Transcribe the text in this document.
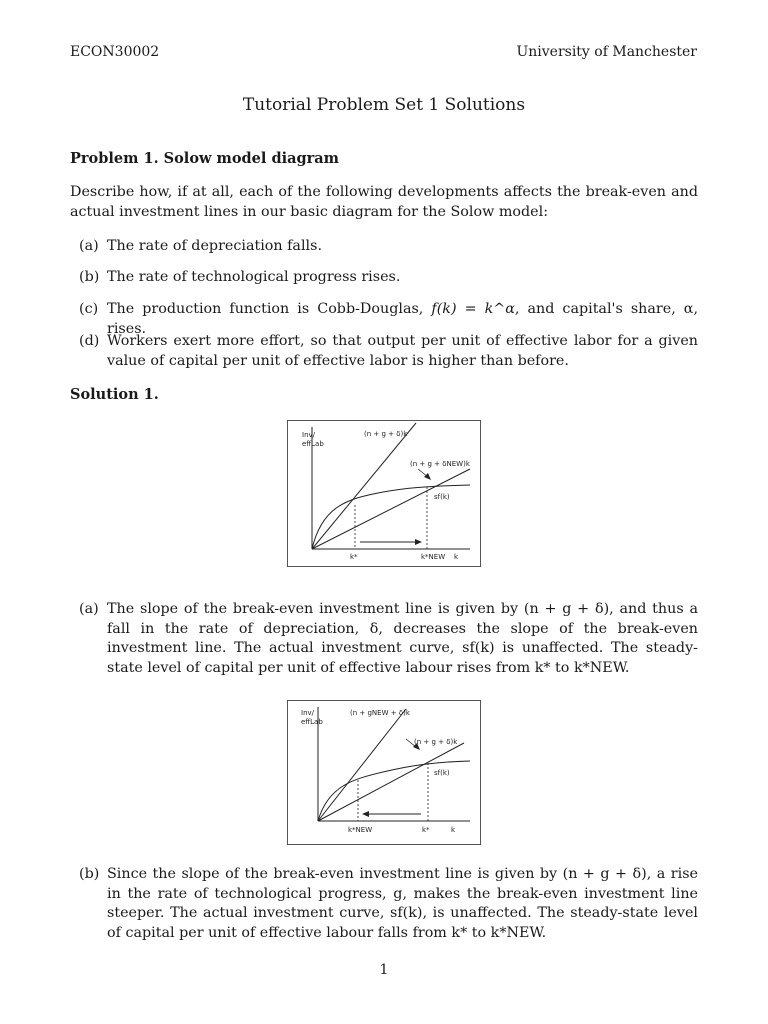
ECON30002	University of Manchester
Tutorial Problem Set 1 Solutions
Problem 1. Solow model diagram
Describe how, if at all, each of the following developments affects the break-even and actual investment lines in our basic diagram for the Solow model:
(a) The rate of depreciation falls.
(b) The rate of technological progress rises.
(c) The production function is Cobb-Douglas, f(k) = k^α, and capital's share, α, rises.
(d) Workers exert more effort, so that output per unit of effective labor for a given value of capital per unit of effective labor is higher than before.
Solution 1.
Inv/
effLab
(n + g + δ)k
(n + g + δNEW)k
sf(k)
k*	k*NEW k
(a) The slope of the break-even investment line is given by (n + g + δ), and thus a fall in the rate of depreciation, δ, decreases the slope of the break-even investment line. The actual investment curve, sf(k) is unaffected. The steady-state level of capital per unit of effective labour rises from k* to k*NEW.
Inv/
effLab
(n + gNEW + δ)k
(n + g + δ)k
sf(k)
k*NEW	k*	k
(b) Since the slope of the break-even investment line is given by (n + g + δ), a rise in the rate of technological progress, g, makes the break-even investment line steeper. The actual investment curve, sf(k), is unaffected. The steady-state level of capital per unit of effective labour falls from k* to k*NEW.
1
